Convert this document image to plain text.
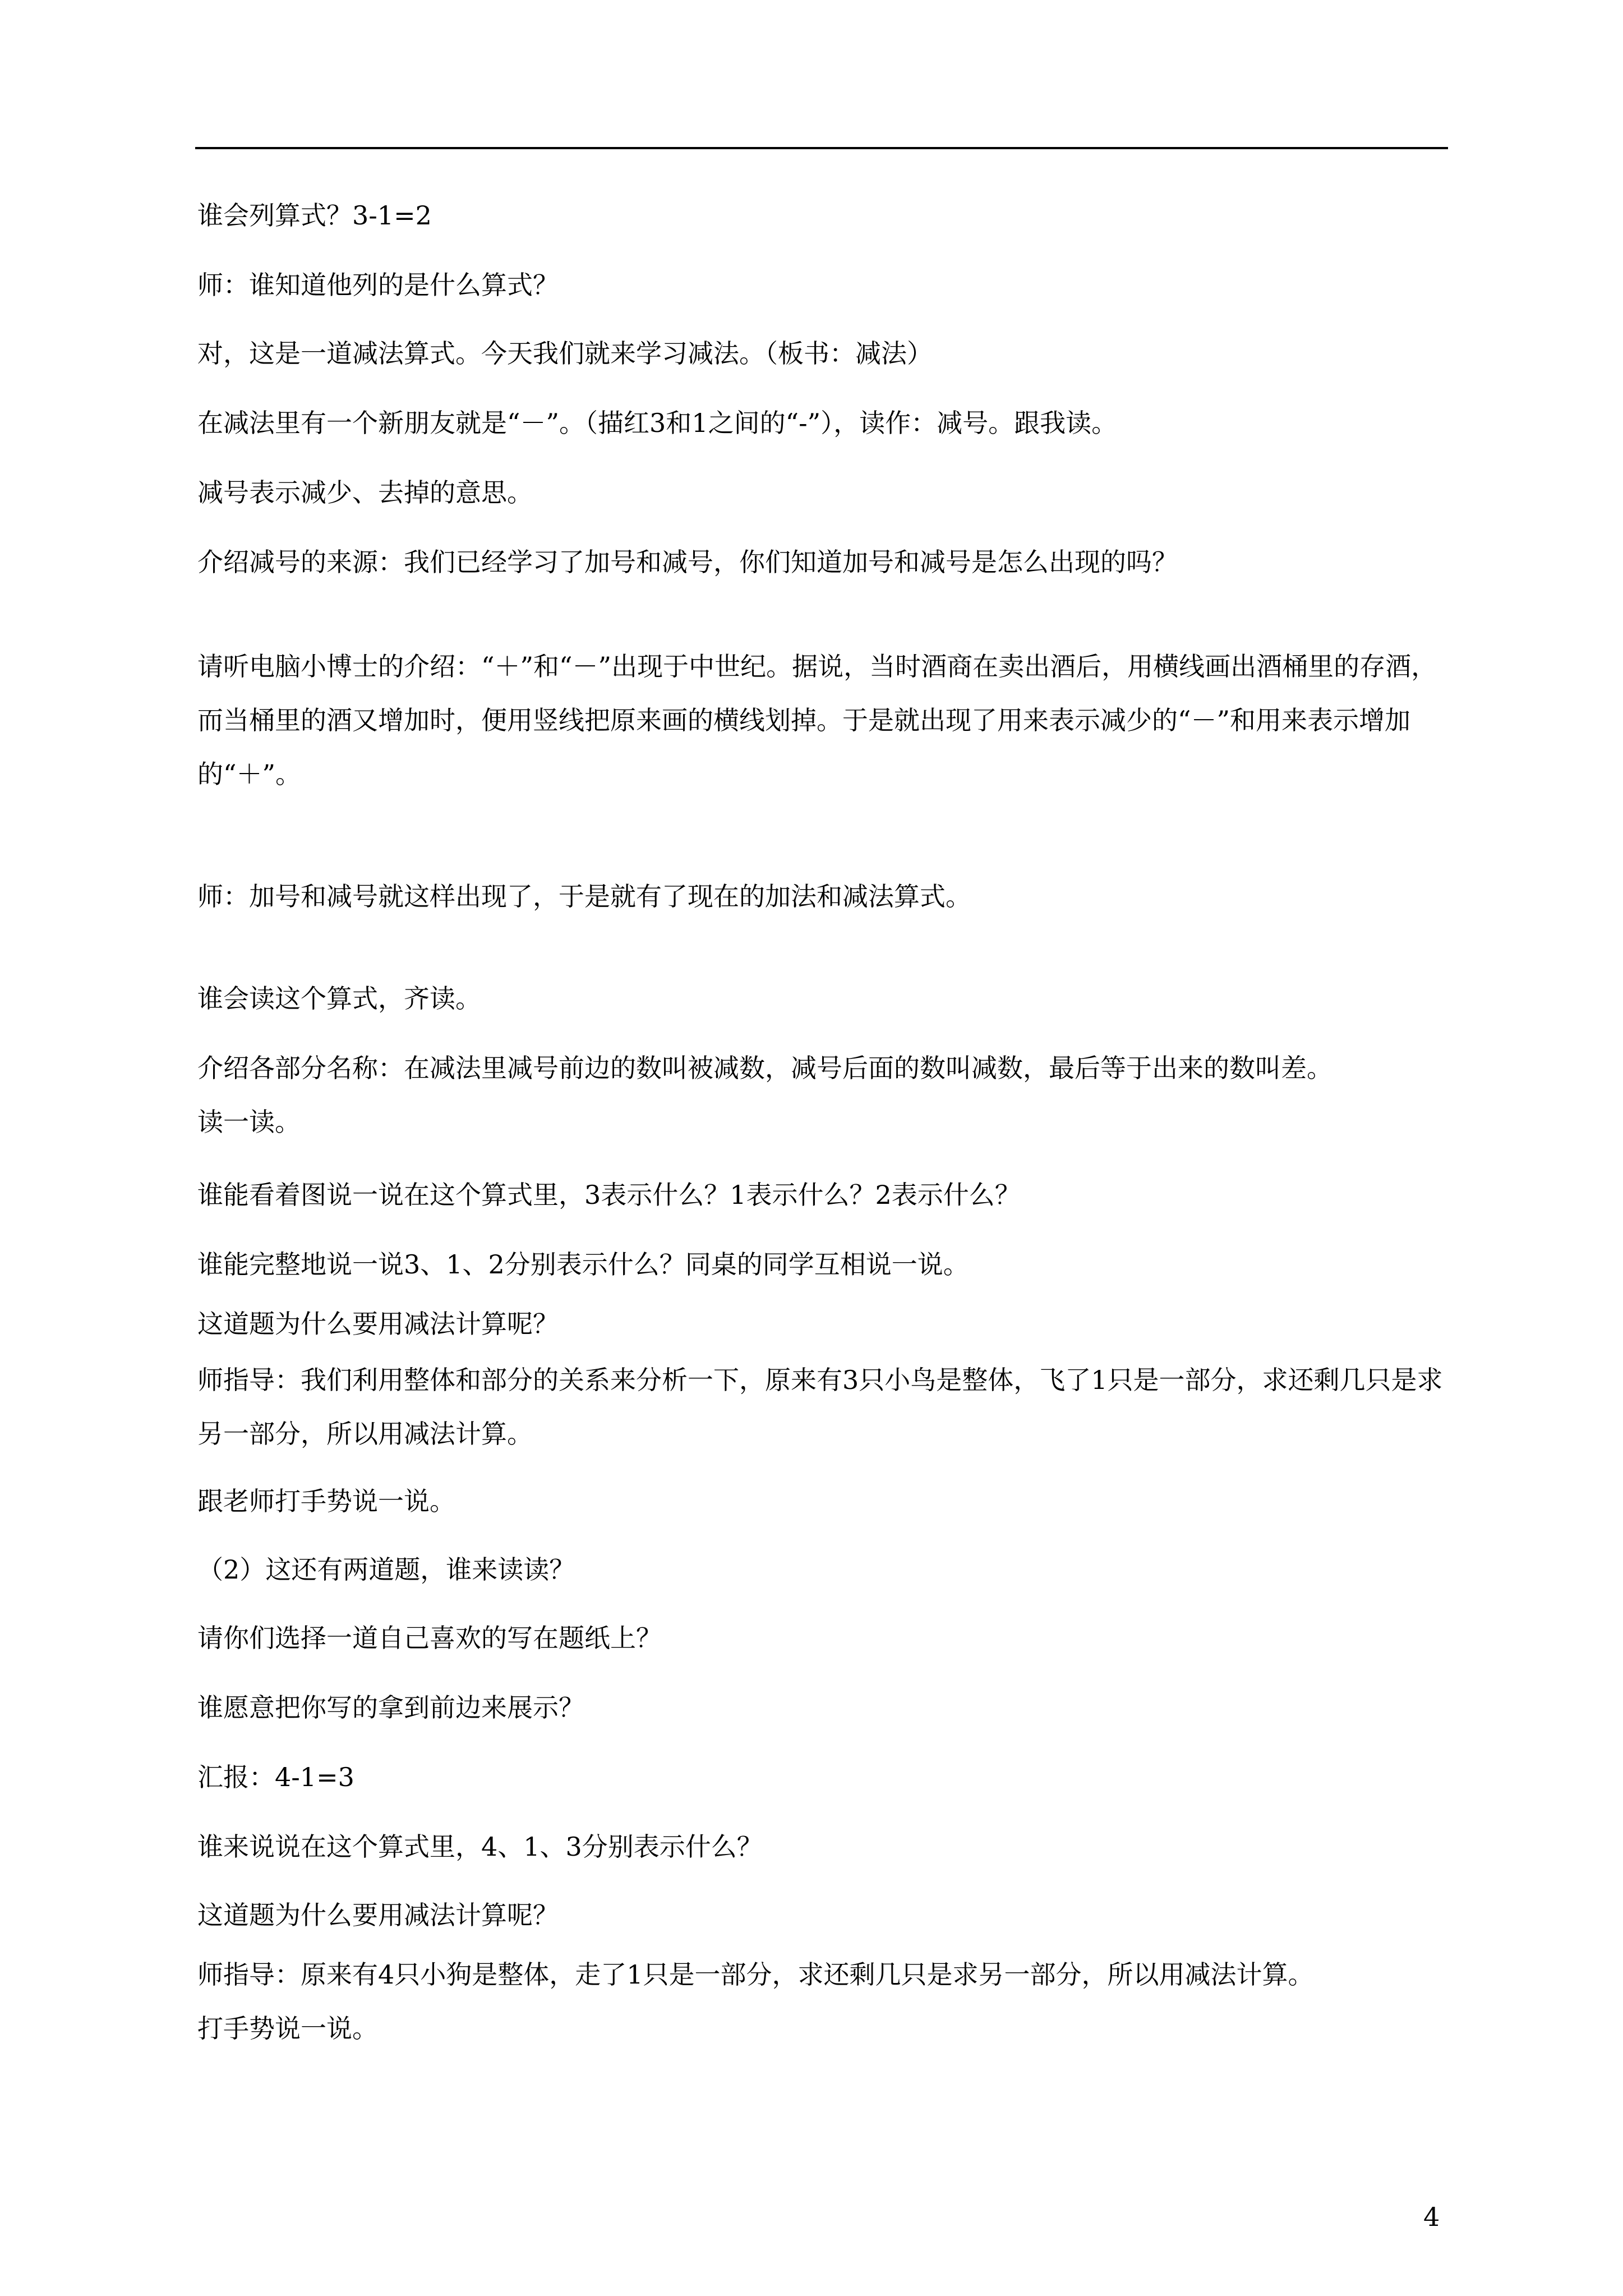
谁会列算式？3-1=2

师：谁知道他列的是什么算式？

对，这是一道减法算式。今天我们就来学习减法。（板书：减法）

在减法里有一个新朋友就是“－”。（描红3和1之间的“-”），读作：减号。跟我读。

减号表示减少、去掉的意思。

介绍减号的来源：我们已经学习了加号和减号，你们知道加号和减号是怎么出现的吗？

请听电脑小博士的介绍：“＋”和“－”出现于中世纪。据说，当时酒商在卖出酒后，用横线画出酒桶里的存酒，而当桶里的酒又增加时，便用竖线把原来画的横线划掉。于是就出现了用来表示减少的“－”和用来表示增加的“＋”。

师：加号和减号就这样出现了，于是就有了现在的加法和减法算式。

谁会读这个算式，齐读。

介绍各部分名称：在减法里减号前边的数叫被减数，减号后面的数叫减数，最后等于出来的数叫差。

读一读。

谁能看着图说一说在这个算式里，3表示什么？1表示什么？2表示什么？

谁能完整地说一说3、1、2分别表示什么？同桌的同学互相说一说。

这道题为什么要用减法计算呢？

师指导：我们利用整体和部分的关系来分析一下，原来有3只小鸟是整体，飞了1只是一部分，求还剩几只是求另一部分，所以用减法计算。

跟老师打手势说一说。

（2）这还有两道题，谁来读读？

请你们选择一道自己喜欢的写在题纸上？

谁愿意把你写的拿到前边来展示？

汇报：4-1=3

谁来说说在这个算式里，4、1、3分别表示什么？

这道题为什么要用减法计算呢？

师指导：原来有4只小狗是整体，走了1只是一部分，求还剩几只是求另一部分，所以用减法计算。

打手势说一说。

4
